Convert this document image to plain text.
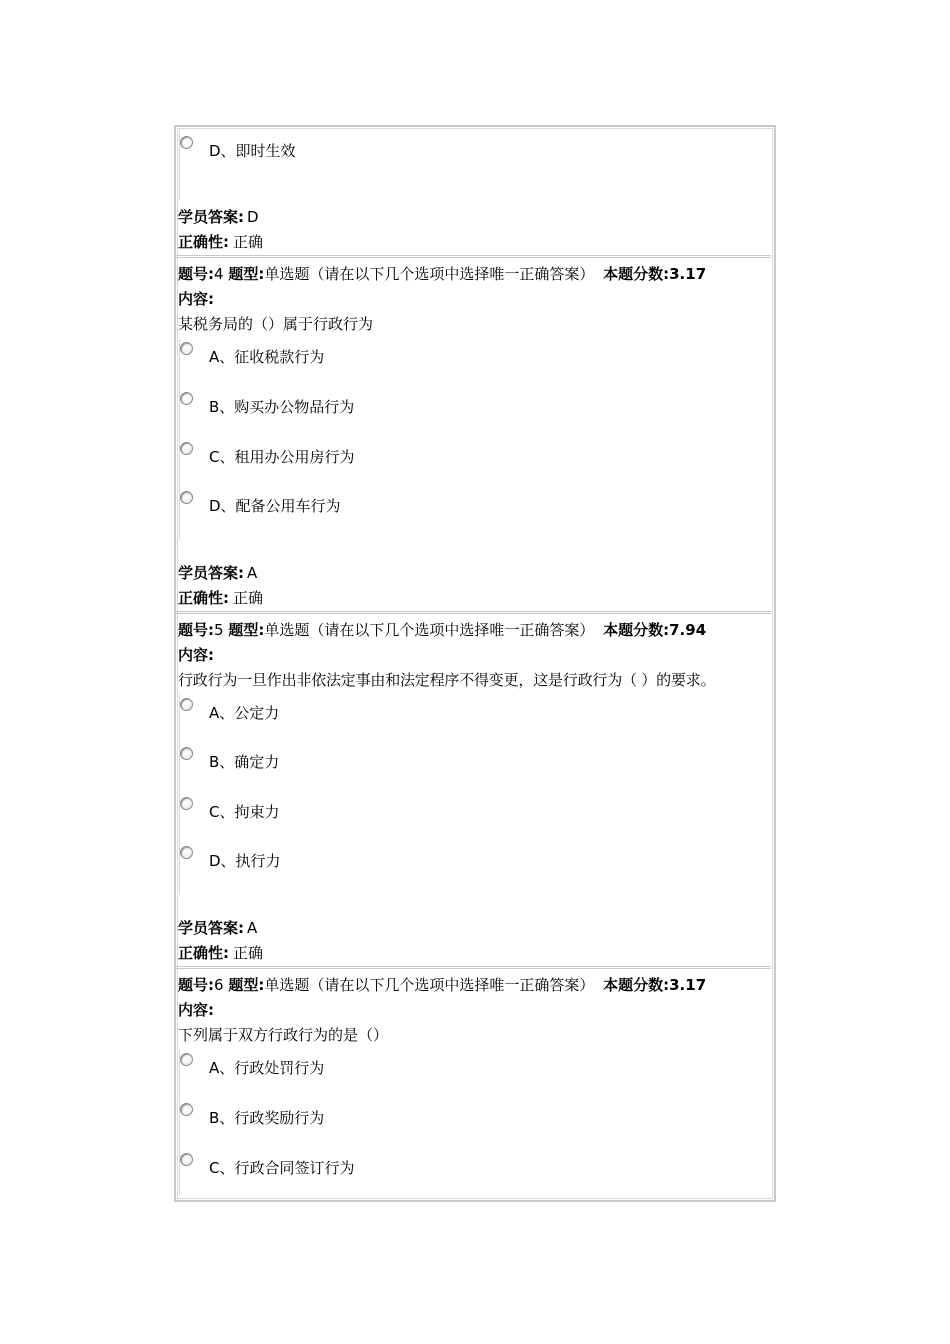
D、即时生效
学员答案: D
正确性: 正确
题号:4 题型:单选题（请在以下几个选项中选择唯一正确答案） 本题分数:3.17
内容:
某税务局的（）属于行政行为
A、征收税款行为
B、购买办公物品行为
C、租用办公用房行为
D、配备公用车行为
学员答案: A
正确性: 正确
题号:5 题型:单选题（请在以下几个选项中选择唯一正确答案） 本题分数:7.94
内容:
行政行为一旦作出非依法定事由和法定程序不得变更，这是行政行为（ ）的要求。
A、公定力
B、确定力
C、拘束力
D、执行力
学员答案: A
正确性: 正确
题号:6 题型:单选题（请在以下几个选项中选择唯一正确答案） 本题分数:3.17
内容:
下列属于双方行政行为的是（）
A、行政处罚行为
B、行政奖励行为
C、行政合同签订行为
